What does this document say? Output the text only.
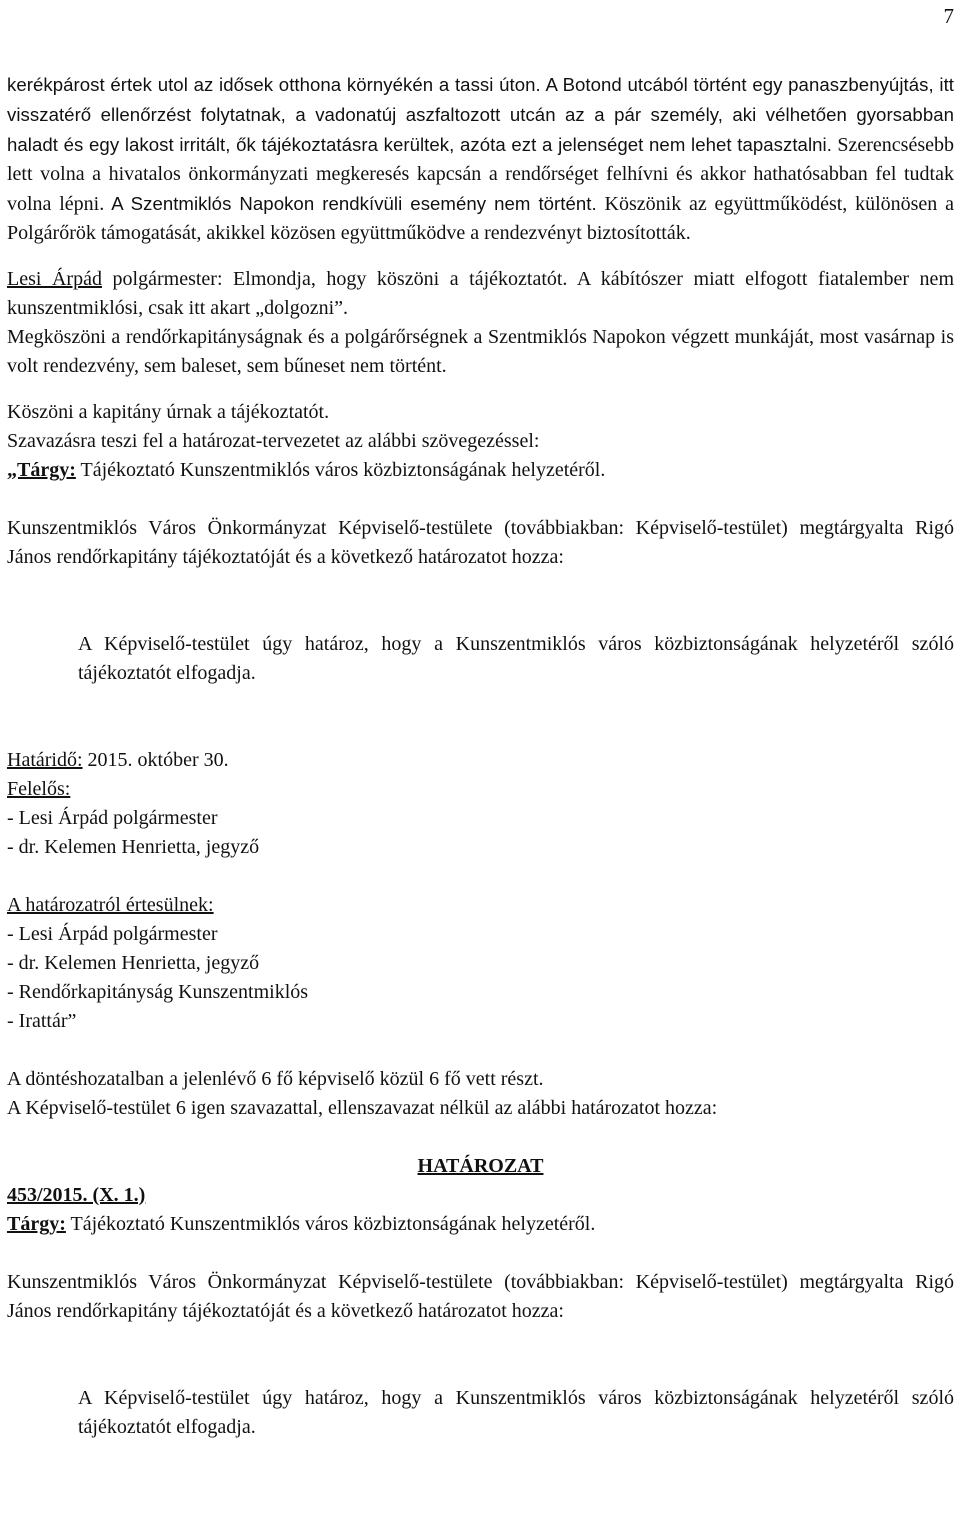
7

kerékpárost értek utol az idősek otthona környékén a tassi úton. A Botond utcából történt egy panaszbenyújtás, itt visszatérő ellenőrzést folytatnak, a vadonatúj aszfaltozott utcán az a pár személy, aki vélhetően gyorsabban haladt és egy lakost irritált, ők tájékoztatásra kerültek, azóta ezt a jelenséget nem lehet tapasztalni. Szerencsésebb lett volna a hivatalos önkormányzati megkeresés kapcsán a rendőrséget felhívni és akkor hathatósabban fel tudtak volna lépni. A Szentmiklós Napokon rendkívüli esemény nem történt. Köszönik az együttműködést, különösen a Polgárőrök támogatását, akikkel közösen együttműködve a rendezvényt biztosították.

Lesi Árpád polgármester: Elmondja, hogy köszöni a tájékoztatót. A kábítószer miatt elfogott fiatalember nem kunszentmiklósi, csak itt akart „dolgozni”.

Megköszöni a rendőrkapitányságnak és a polgárőrségnek a Szentmiklós Napokon végzett munkáját, most vasárnap is volt rendezvény, sem baleset, sem bűneset nem történt.

Köszöni a kapitány úrnak a tájékoztatót.

Szavazásra teszi fel a határozat-tervezetet az alábbi szövegezéssel:

„Tárgy: Tájékoztató Kunszentmiklós város közbiztonságának helyzetéről.

Kunszentmiklós Város Önkormányzat Képviselő-testülete (továbbiakban: Képviselő-testület) megtárgyalta Rigó János rendőrkapitány tájékoztatóját és a következő határozatot hozza:

A Képviselő-testület úgy határoz, hogy a Kunszentmiklós város közbiztonságának helyzetéről szóló tájékoztatót elfogadja.

Határidő: 2015. október 30.

Felelős:

- Lesi Árpád polgármester

- dr. Kelemen Henrietta, jegyző

A határozatról értesülnek:

- Lesi Árpád polgármester

- dr. Kelemen Henrietta, jegyző

- Rendőrkapitányság Kunszentmiklós

- Irattár”

A döntéshozatalban a jelenlévő 6 fő képviselő közül 6 fő vett részt.

A Képviselő-testület 6 igen szavazattal, ellenszavazat nélkül az alábbi határozatot hozza:

HATÁROZAT

453/2015. (X. 1.)

Tárgy: Tájékoztató Kunszentmiklós város közbiztonságának helyzetéről.

Kunszentmiklós Város Önkormányzat Képviselő-testülete (továbbiakban: Képviselő-testület) megtárgyalta Rigó János rendőrkapitány tájékoztatóját és a következő határozatot hozza:

A Képviselő-testület úgy határoz, hogy a Kunszentmiklós város közbiztonságának helyzetéről szóló tájékoztatót elfogadja.
